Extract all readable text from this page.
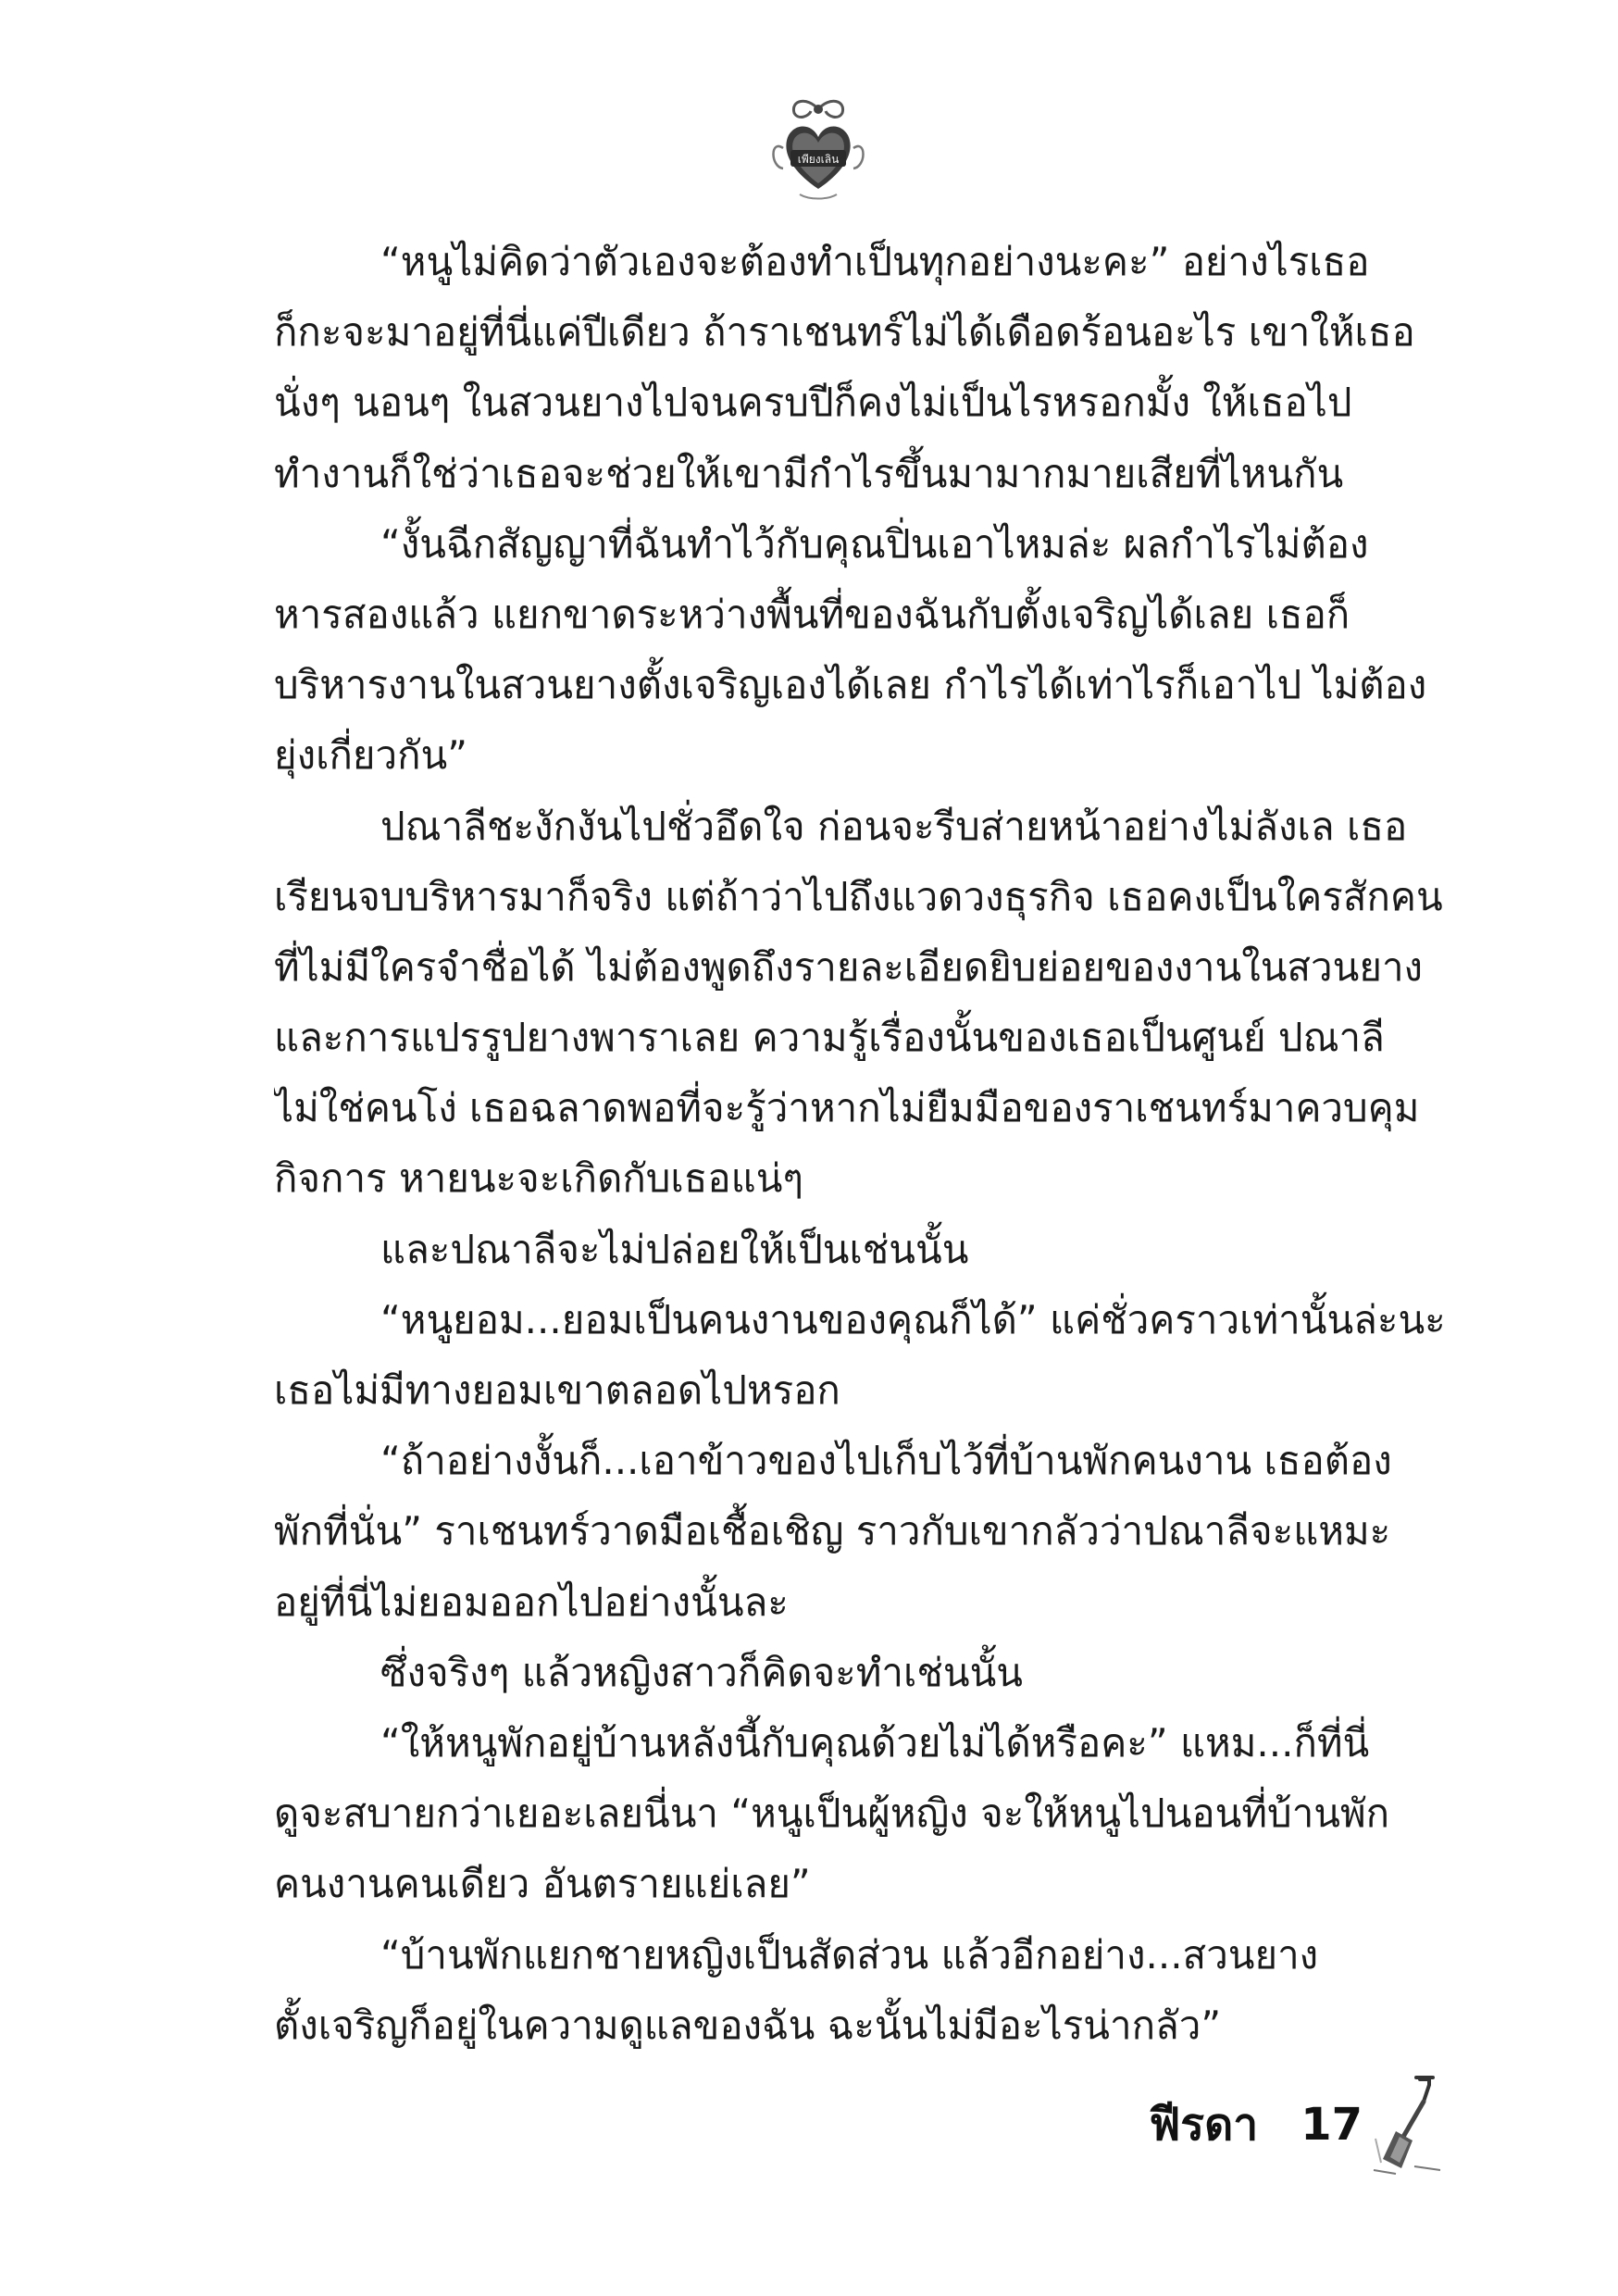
เพียงเลิน
“หนูไม่คิดว่าตัวเองจะต้องทำเป็นทุกอย่างนะคะ” อย่างไรเธอ
ก็กะจะมาอยู่ที่นี่แค่ปีเดียว ถ้าราเชนทร์ไม่ได้เดือดร้อนอะไร เขาให้เธอ
นั่งๆ นอนๆ ในสวนยางไปจนครบปีก็คงไม่เป็นไรหรอกมั้ง ให้เธอไป
ทำงานก็ใช่ว่าเธอจะช่วยให้เขามีกำไรขึ้นมามากมายเสียที่ไหนกัน
“งั้นฉีกสัญญาที่ฉันทำไว้กับคุณปิ่นเอาไหมล่ะ ผลกำไรไม่ต้อง
หารสองแล้ว แยกขาดระหว่างพื้นที่ของฉันกับตั้งเจริญได้เลย เธอก็
บริหารงานในสวนยางตั้งเจริญเองได้เลย กำไรได้เท่าไรก็เอาไป ไม่ต้อง
ยุ่งเกี่ยวกัน”
ปณาลีชะงักงันไปชั่วอึดใจ ก่อนจะรีบส่ายหน้าอย่างไม่ลังเล เธอ
เรียนจบบริหารมาก็จริง แต่ถ้าว่าไปถึงแวดวงธุรกิจ เธอคงเป็นใครสักคน
ที่ไม่มีใครจำชื่อได้ ไม่ต้องพูดถึงรายละเอียดยิบย่อยของงานในสวนยาง
และการแปรรูปยางพาราเลย ความรู้เรื่องนั้นของเธอเป็นศูนย์ ปณาลี
ไม่ใช่คนโง่ เธอฉลาดพอที่จะรู้ว่าหากไม่ยืมมือของราเชนทร์มาควบคุม
กิจการ หายนะจะเกิดกับเธอแน่ๆ
และปณาลีจะไม่ปล่อยให้เป็นเช่นนั้น
“หนูยอม...ยอมเป็นคนงานของคุณก็ได้” แค่ชั่วคราวเท่านั้นล่ะนะ
เธอไม่มีทางยอมเขาตลอดไปหรอก
“ถ้าอย่างงั้นก็...เอาข้าวของไปเก็บไว้ที่บ้านพักคนงาน เธอต้อง
พักที่นั่น” ราเชนทร์วาดมือเชื้อเชิญ ราวกับเขากลัวว่าปณาลีจะแหมะ
อยู่ที่นี่ไม่ยอมออกไปอย่างนั้นละ
ซึ่งจริงๆ แล้วหญิงสาวก็คิดจะทำเช่นนั้น
“ให้หนูพักอยู่บ้านหลังนี้กับคุณด้วยไม่ได้หรือคะ” แหม...ก็ที่นี่
ดูจะสบายกว่าเยอะเลยนี่นา “หนูเป็นผู้หญิง จะให้หนูไปนอนที่บ้านพัก
คนงานคนเดียว อันตรายแย่เลย”
“บ้านพักแยกชายหญิงเป็นสัดส่วน แล้วอีกอย่าง...สวนยาง
ตั้งเจริญก็อยู่ในความดูแลของฉัน ฉะนั้นไม่มีอะไรน่ากลัว”
ฟีรดา 17
